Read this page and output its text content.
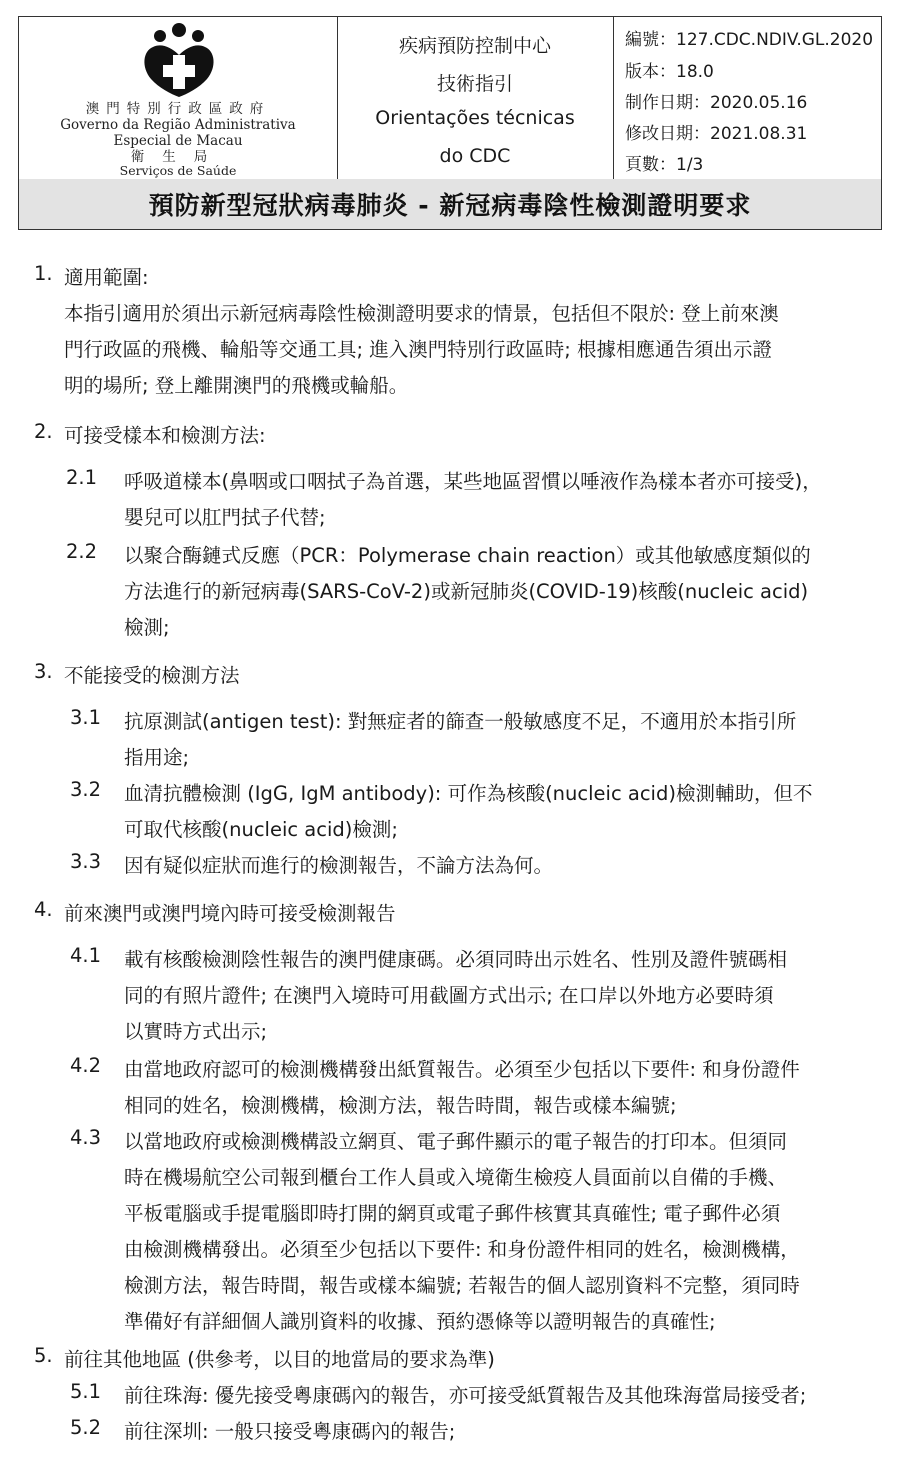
澳門特別行政區政府
Governo da Região Administrativa
Especial de Macau
衛生局
Serviços de Saúde
疾病預防控制中心
技術指引
Orientações técnicas
do CDC
編號：127.CDC.NDIV.GL.2020
版本：18.0
制作日期：2020.05.16
修改日期：2021.08.31
頁數：1/3
預防新型冠狀病毒肺炎 - 新冠病毒陰性檢測證明要求
1. 適用範圍:
本指引適用於須出示新冠病毒陰性檢測證明要求的情景，包括但不限於: 登上前來澳
門行政區的飛機、輪船等交通工具; 進入澳門特別行政區時; 根據相應通告須出示證
明的場所; 登上離開澳門的飛機或輪船。
2. 可接受樣本和檢測方法:
2.1 呼吸道樣本(鼻咽或口咽拭子為首選，某些地區習慣以唾液作為樣本者亦可接受)，
嬰兒可以肛門拭子代替;
2.2 以聚合酶鏈式反應（PCR：Polymerase chain reaction）或其他敏感度類似的
方法進行的新冠病毒(SARS-CoV-2)或新冠肺炎(COVID-19)核酸(nucleic acid)
檢測;
3. 不能接受的檢測方法
3.1 抗原測試(antigen test): 對無症者的篩查一般敏感度不足，不適用於本指引所
指用途;
3.2 血清抗體檢測 (IgG, IgM antibody): 可作為核酸(nucleic acid)檢測輔助，但不
可取代核酸(nucleic acid)檢測;
3.3 因有疑似症狀而進行的檢測報告，不論方法為何。
4. 前來澳門或澳門境內時可接受檢測報告
4.1 載有核酸檢測陰性報告的澳門健康碼。必須同時出示姓名、性別及證件號碼相
同的有照片證件; 在澳門入境時可用截圖方式出示; 在口岸以外地方必要時須
以實時方式出示;
4.2 由當地政府認可的檢測機構發出紙質報告。必須至少包括以下要件: 和身份證件
相同的姓名，檢測機構，檢測方法，報告時間，報告或樣本編號;
4.3 以當地政府或檢測機構設立網頁、電子郵件顯示的電子報告的打印本。但須同
時在機場航空公司報到櫃台工作人員或入境衛生檢疫人員面前以自備的手機、
平板電腦或手提電腦即時打開的網頁或電子郵件核實其真確性; 電子郵件必須
由檢測機構發出。必須至少包括以下要件: 和身份證件相同的姓名，檢測機構，
檢測方法，報告時間，報告或樣本編號; 若報告的個人認別資料不完整，須同時
準備好有詳細個人識別資料的收據、預約憑條等以證明報告的真確性;
5. 前往其他地區 (供參考，以目的地當局的要求為準)
5.1 前往珠海: 優先接受粵康碼內的報告，亦可接受紙質報告及其他珠海當局接受者;
5.2 前往深圳: 一般只接受粵康碼內的報告;
